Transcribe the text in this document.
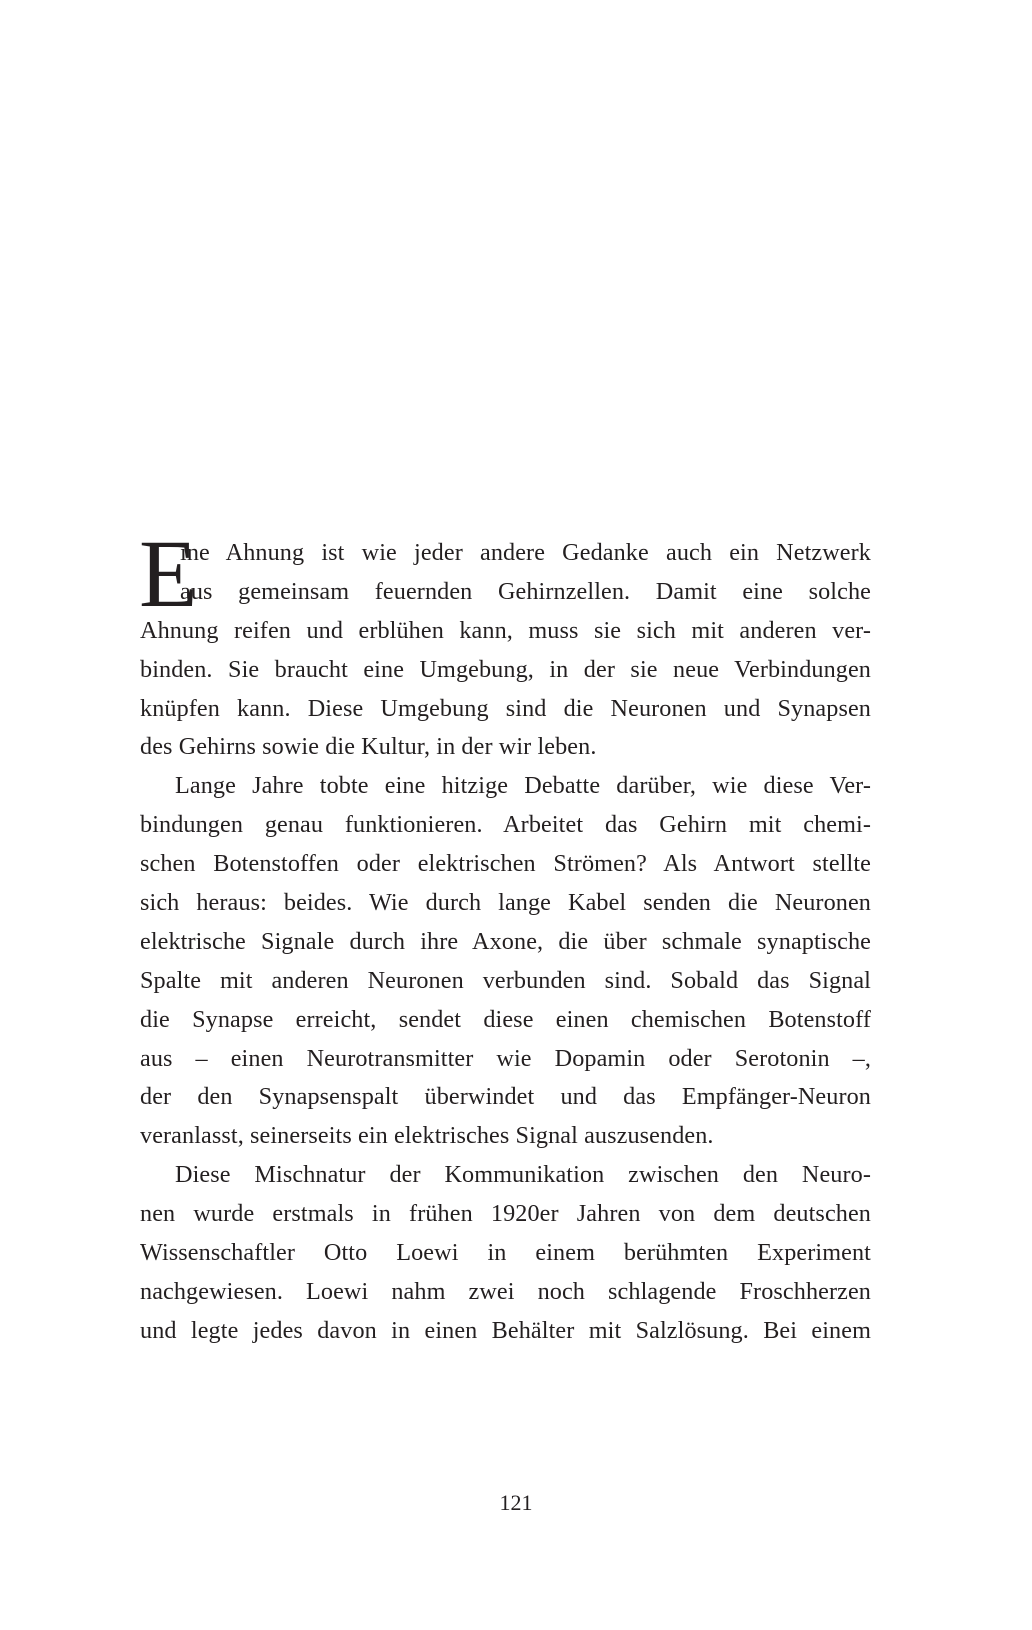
E
ine Ahnung ist wie jeder andere Gedanke auch ein Netzwerk
aus gemeinsam feuernden Gehirnzellen. Damit eine solche
Ahnung reifen und erblühen kann, muss sie sich mit anderen ver-
binden. Sie braucht eine Umgebung, in der sie neue Verbindungen
knüpfen kann. Diese Umgebung sind die Neuronen und Synapsen
des Gehirns sowie die Kultur, in der wir leben.
Lange Jahre tobte eine hitzige Debatte darüber, wie diese Ver-
bindungen genau funktionieren. Arbeitet das Gehirn mit chemi-
schen Botenstoffen oder elektrischen Strömen? Als Antwort stellte
sich heraus: beides. Wie durch lange Kabel senden die Neuronen
elektrische Signale durch ihre Axone, die über schmale synaptische
Spalte mit anderen Neuronen verbunden sind. Sobald das Signal
die Synapse erreicht, sendet diese einen chemischen Botenstoff
aus – einen Neurotransmitter wie Dopamin oder Serotonin –,
der den Synapsenspalt überwindet und das Empfänger-Neuron
veranlasst, seinerseits ein elektrisches Signal auszusenden.
Diese Mischnatur der Kommunikation zwischen den Neuro-
nen wurde erstmals in frühen 1920er Jahren von dem deutschen
Wissenschaftler Otto Loewi in einem berühmten Experiment
nachgewiesen. Loewi nahm zwei noch schlagende Froschherzen
und legte jedes davon in einen Behälter mit Salzlösung. Bei einem
121
